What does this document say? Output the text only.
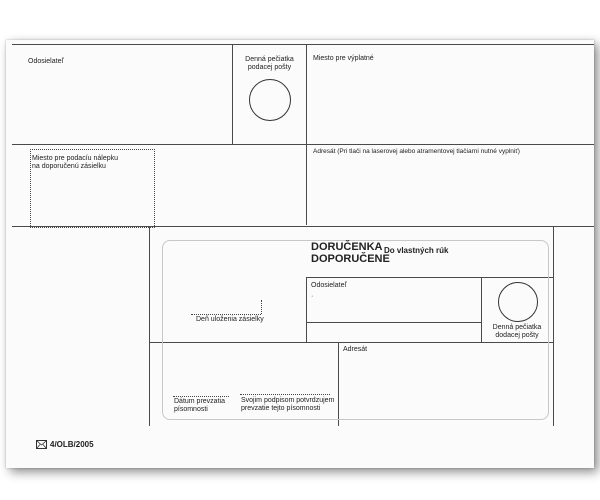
Odosielateľ	Denná pečiatka
podacej pošty
Miesto pre výplatné
Miesto pre podacíu nálepku
na doporučenú zásielku
Adresát (Pri tlači na laserovej alebo atramentovej tlačiarni nutné vyplniť)
DORUČENKA
DOPORUČENE
Do vlastných rúk
Odosielateľ
·
Deň uloženia zásielky
Denná pečiatka
dodacej pošty
Adresát
Dátum prevzatia
písomnosti
Svojim podpisom potvrdzujem
prevzatie tejto písomnosti
4/OLB/2005
